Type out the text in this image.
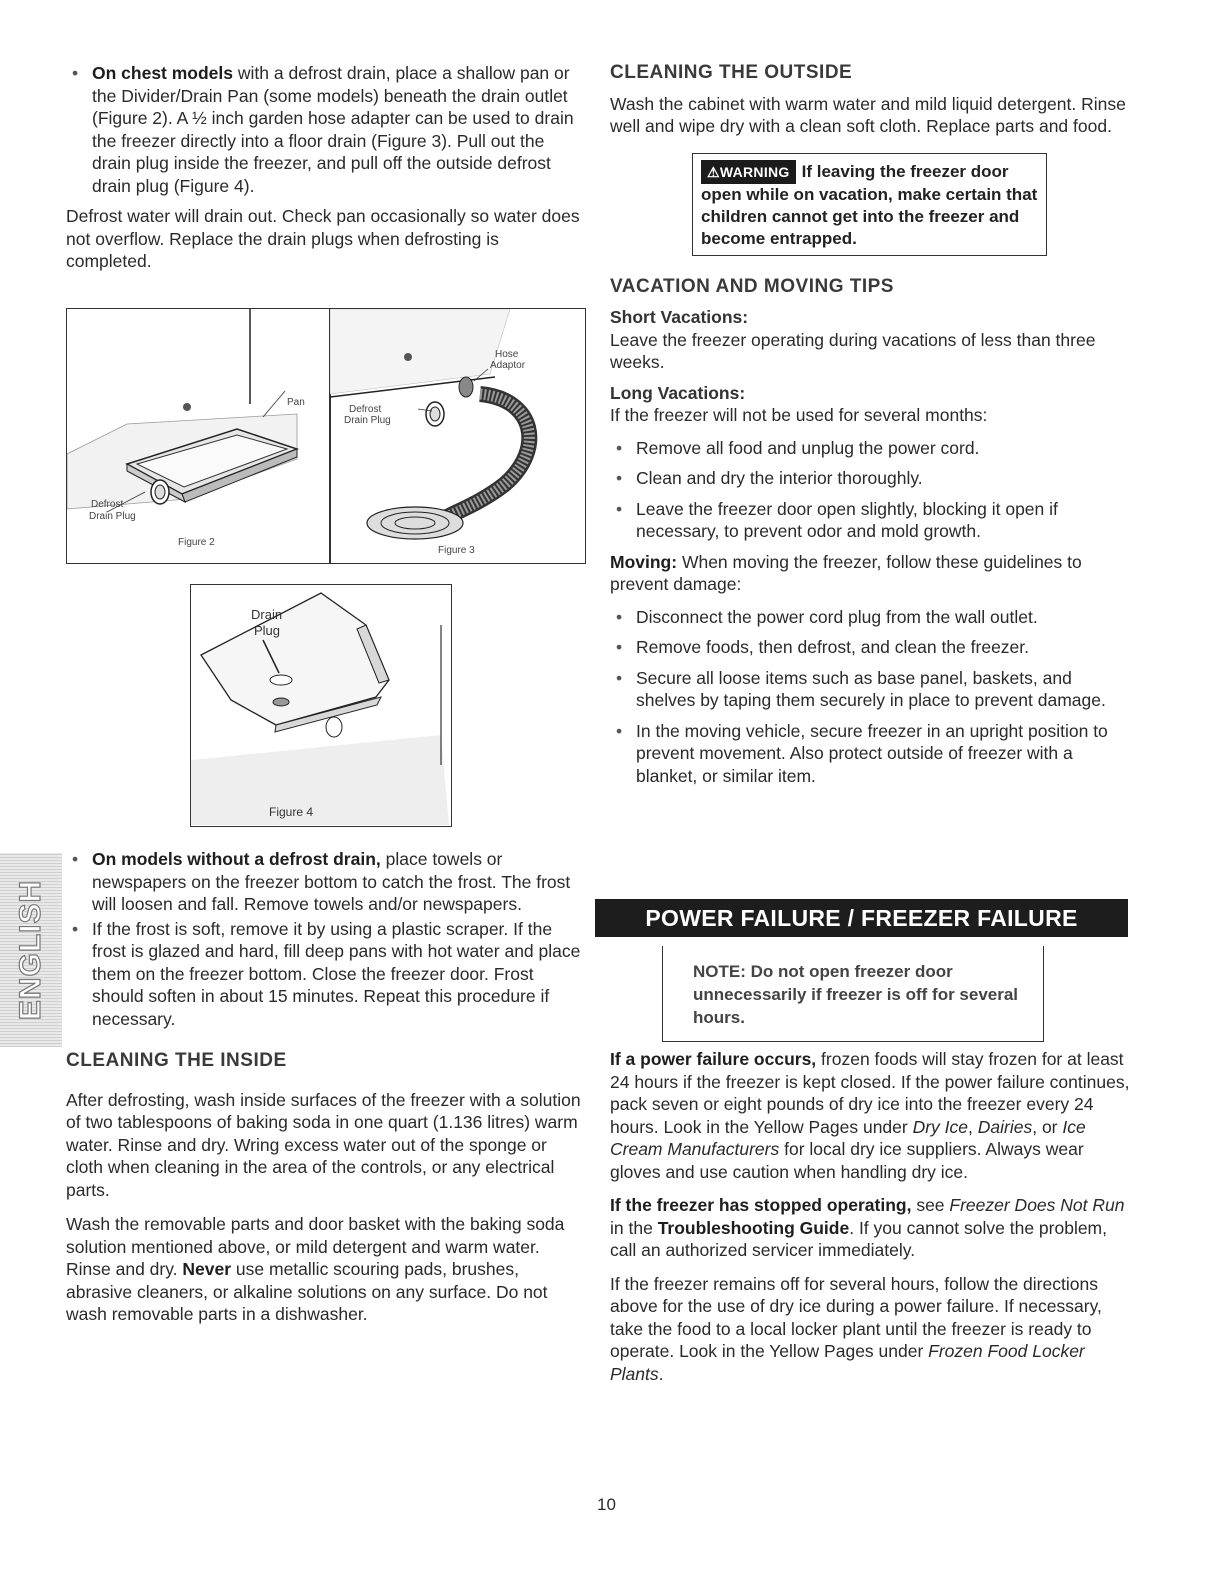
• On chest models with a defrost drain, place a shallow pan or the Divider/Drain Pan (some models) beneath the drain outlet (Figure 2). A ½ inch garden hose adapter can be used to drain the freezer directly into a floor drain (Figure 3). Pull out the drain plug inside the freezer, and pull off the outside defrost drain plug (Figure 4).

Defrost water will drain out. Check pan occasionally so water does not overflow. Replace the drain plugs when defrosting is completed.

Pan
Defrost
Drain Plug
Figure 2
Hose
Adaptor
Defrost
Drain Plug
Figure 3
Drain
Plug
Figure 4
ENGLISH
• On models without a defrost drain, place towels or newspapers on the freezer bottom to catch the frost. The frost will loosen and fall. Remove towels and/or newspapers.
• If the frost is soft, remove it by using a plastic scraper. If the frost is glazed and hard, fill deep pans with hot water and place them on the freezer bottom. Close the freezer door. Frost should soften in about 15 minutes. Repeat this procedure if necessary.

CLEANING THE INSIDE

After defrosting, wash inside surfaces of the freezer with a solution of two tablespoons of baking soda in one quart (1.136 litres) warm water. Rinse and dry. Wring excess water out of the sponge or cloth when cleaning in the area of the controls, or any electrical parts.

Wash the removable parts and door basket with the baking soda solution mentioned above, or mild detergent and warm water. Rinse and dry. Never use metallic scouring pads, brushes, abrasive cleaners, or alkaline solutions on any surface. Do not wash removable parts in a dishwasher.

CLEANING THE OUTSIDE

Wash the cabinet with warm water and mild liquid detergent. Rinse well and wipe dry with a clean soft cloth. Replace parts and food.

⚠WARNING If leaving the freezer door open while on vacation, make certain that children cannot get into the freezer and become entrapped.

VACATION AND MOVING TIPS

Short Vacations:

Leave the freezer operating during vacations of less than three weeks.

Long Vacations:

If the freezer will not be used for several months:

• Remove all food and unplug the power cord.
• Clean and dry the interior thoroughly.
• Leave the freezer door open slightly, blocking it open if necessary, to prevent odor and mold growth.

Moving: When moving the freezer, follow these guidelines to prevent damage:

• Disconnect the power cord plug from the wall outlet.
• Remove foods, then defrost, and clean the freezer.
• Secure all loose items such as base panel, baskets, and shelves by taping them securely in place to prevent damage.
• In the moving vehicle, secure freezer in an upright position to prevent movement. Also protect outside of freezer with a blanket, or similar item.
POWER FAILURE / FREEZER FAILURE
NOTE: Do not open freezer door unnecessarily if freezer is off for several hours.

If a power failure occurs, frozen foods will stay frozen for at least 24 hours if the freezer is kept closed. If the power failure continues, pack seven or eight pounds of dry ice into the freezer every 24 hours. Look in the Yellow Pages under Dry Ice, Dairies, or Ice Cream Manufacturers for local dry ice suppliers. Always wear gloves and use caution when handling dry ice.

If the freezer has stopped operating, see Freezer Does Not Run in the Troubleshooting Guide. If you cannot solve the problem, call an authorized servicer immediately.

If the freezer remains off for several hours, follow the directions above for the use of dry ice during a power failure. If necessary, take the food to a local locker plant until the freezer is ready to operate. Look in the Yellow Pages under Frozen Food Locker Plants.

10
